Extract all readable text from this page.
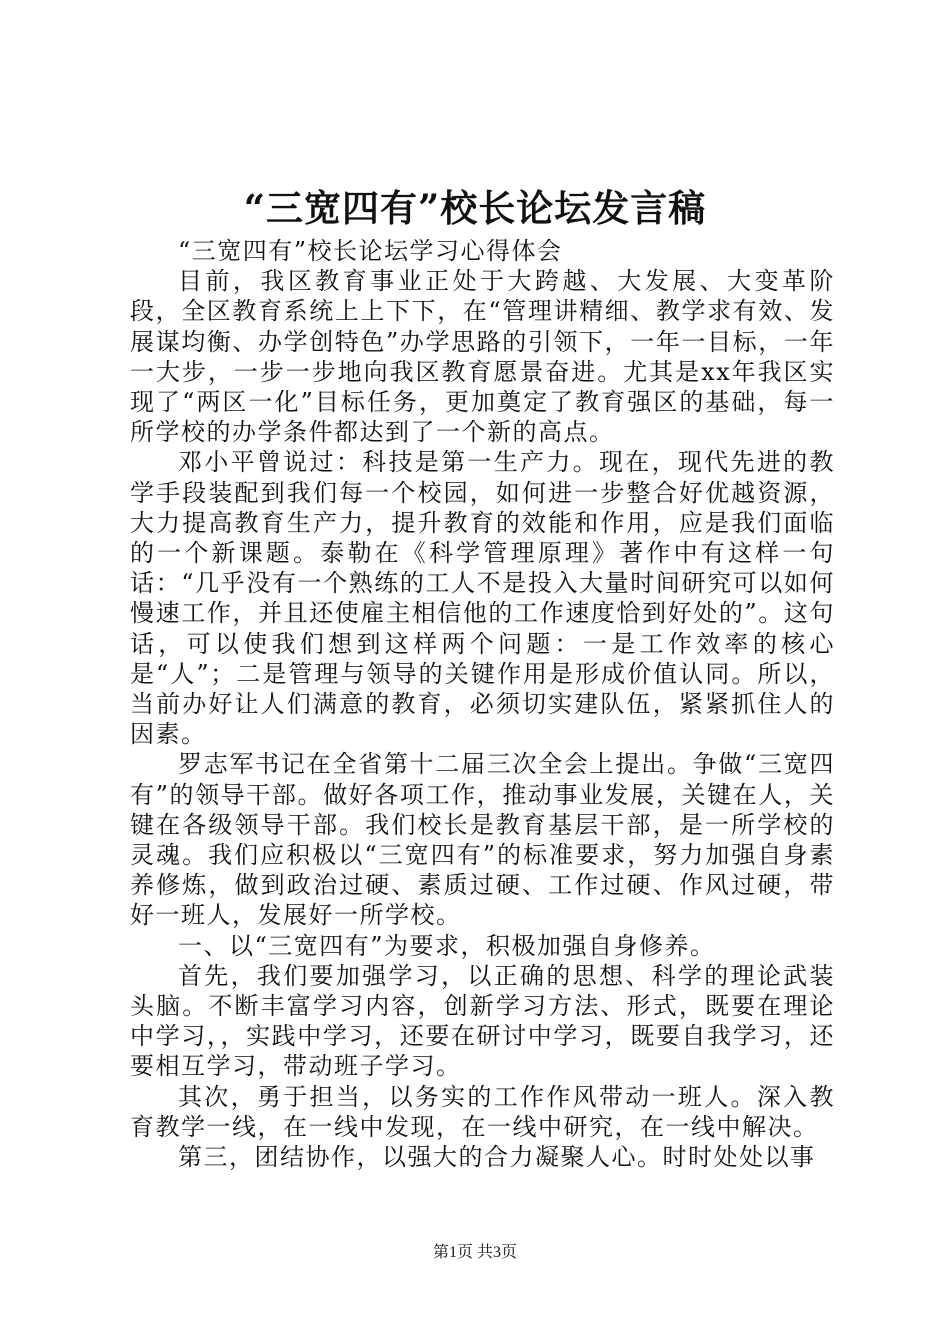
“三宽四有”校长论坛发言稿

“三宽四有”校长论坛学习心得体会

目前，我区教育事业正处于大跨越、大发展、大变革阶段，全区教育系统上上下下，在“管理讲精细、教学求有效、发展谋均衡、办学创特色”办学思路的引领下，一年一目标，一年一大步，一步一步地向我区教育愿景奋进。尤其是xx年我区实现了“两区一化”目标任务，更加奠定了教育强区的基础，每一所学校的办学条件都达到了一个新的高点。

邓小平曾说过：科技是第一生产力。现在，现代先进的教学手段装配到我们每一个校园，如何进一步整合好优越资源，大力提高教育生产力，提升教育的效能和作用，应是我们面临的一个新课题。泰勒在《科学管理原理》著作中有这样一句话：“几乎没有一个熟练的工人不是投入大量时间研究可以如何慢速工作，并且还使雇主相信他的工作速度恰到好处的”。这句话，可以使我们想到这样两个问题：一是工作效率的核心是“人”；二是管理与领导的关键作用是形成价值认同。所以，当前办好让人们满意的教育，必须切实建队伍，紧紧抓住人的因素。

罗志军书记在全省第十二届三次全会上提出。争做“三宽四有”的领导干部。做好各项工作，推动事业发展，关键在人，关键在各级领导干部。我们校长是教育基层干部，是一所学校的灵魂。我们应积极以“三宽四有”的标准要求，努力加强自身素养修炼，做到政治过硬、素质过硬、工作过硬、作风过硬，带好一班人，发展好一所学校。

一、以“三宽四有”为要求，积极加强自身修养。

首先，我们要加强学习，以正确的思想、科学的理论武装头脑。不断丰富学习内容，创新学习方法、形式，既要在理论中学习，，实践中学习，还要在研讨中学习，既要自我学习，还要相互学习，带动班子学习。

其次，勇于担当，以务实的工作作风带动一班人。深入教育教学一线，在一线中发现，在一线中研究，在一线中解决。

第三，团结协作，以强大的合力凝聚人心。时时处处以事

第1页 共3页
